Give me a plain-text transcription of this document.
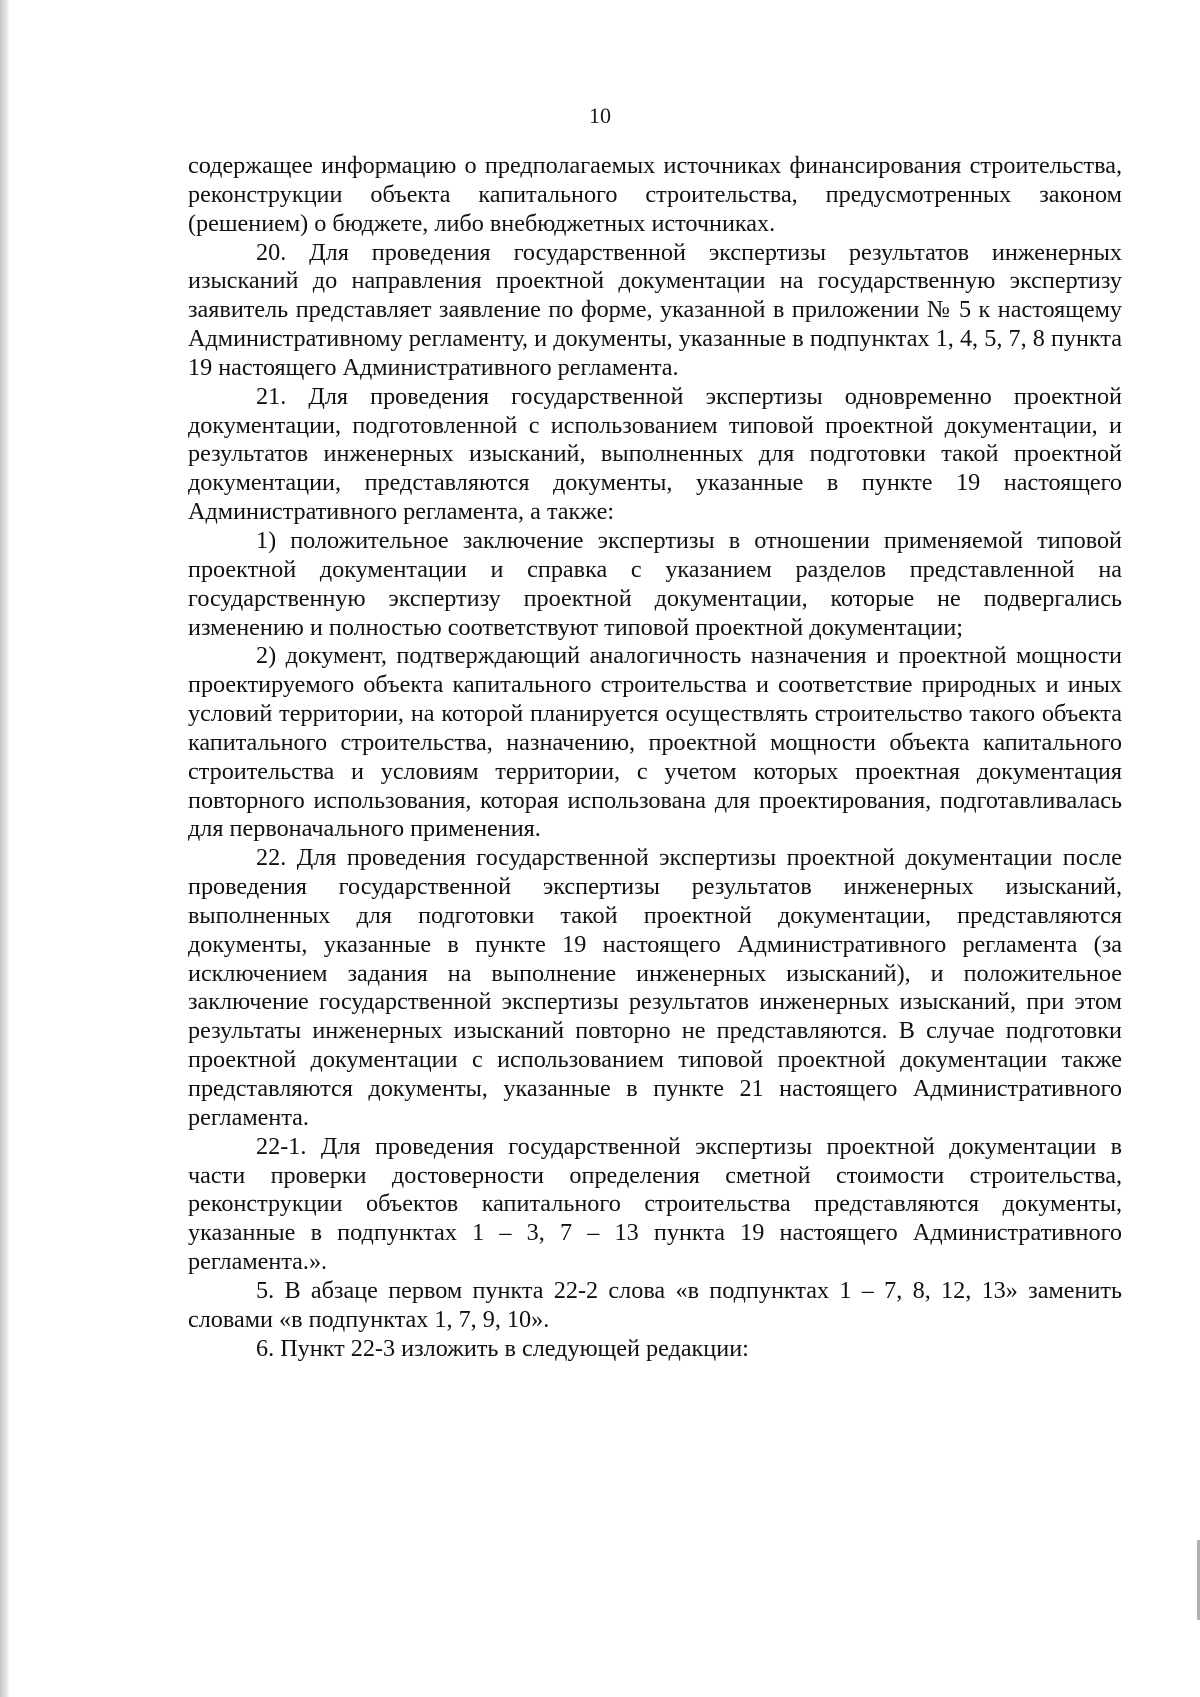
10

содержащее информацию о предполагаемых источниках финансирования строительства, реконструкции объекта капитального строительства, предусмотренных законом (решением) о бюджете, либо внебюджетных источниках.

20. Для проведения государственной экспертизы результатов инженерных изысканий до направления проектной документации на государственную экспертизу заявитель представляет заявление по форме, указанной в приложении № 5 к настоящему Административному регламенту, и документы, указанные в подпунктах 1, 4, 5, 7, 8 пункта 19 настоящего Административного регламента.

21. Для проведения государственной экспертизы одновременно проектной документации, подготовленной с использованием типовой проектной документации, и результатов инженерных изысканий, выполненных для подготовки такой проектной документации, представляются документы, указанные в пункте 19 настоящего Административного регламента, а также:

1) положительное заключение экспертизы в отношении применяемой типовой проектной документации и справка с указанием разделов представленной на государственную экспертизу проектной документации, которые не подвергались изменению и полностью соответствуют типовой проектной документации;

2) документ, подтверждающий аналогичность назначения и проектной мощности проектируемого объекта капитального строительства и соответствие природных и иных условий территории, на которой планируется осуществлять строительство такого объекта капитального строительства, назначению, проектной мощности объекта капитального строительства и условиям территории, с учетом которых проектная документация повторного использования, которая использована для проектирования, подготавливалась для первоначального применения.

22. Для проведения государственной экспертизы проектной документации после проведения государственной экспертизы результатов инженерных изысканий, выполненных для подготовки такой проектной документации, представляются документы, указанные в пункте 19 настоящего Административного регламента (за исключением задания на выполнение инженерных изысканий), и положительное заключение государственной экспертизы результатов инженерных изысканий, при этом результаты инженерных изысканий повторно не представляются. В случае подготовки проектной документации с использованием типовой проектной документации также представляются документы, указанные в пункте 21 настоящего Административного регламента.

22-1. Для проведения государственной экспертизы проектной документации в части проверки достоверности определения сметной стоимости строительства, реконструкции объектов капитального строительства представляются документы, указанные в подпунктах 1 – 3, 7 – 13 пункта 19 настоящего Административного регламента.».

5. В абзаце первом пункта 22-2 слова «в подпунктах 1 – 7, 8, 12, 13» заменить словами «в подпунктах 1, 7, 9, 10».

6. Пункт 22-3 изложить в следующей редакции:
